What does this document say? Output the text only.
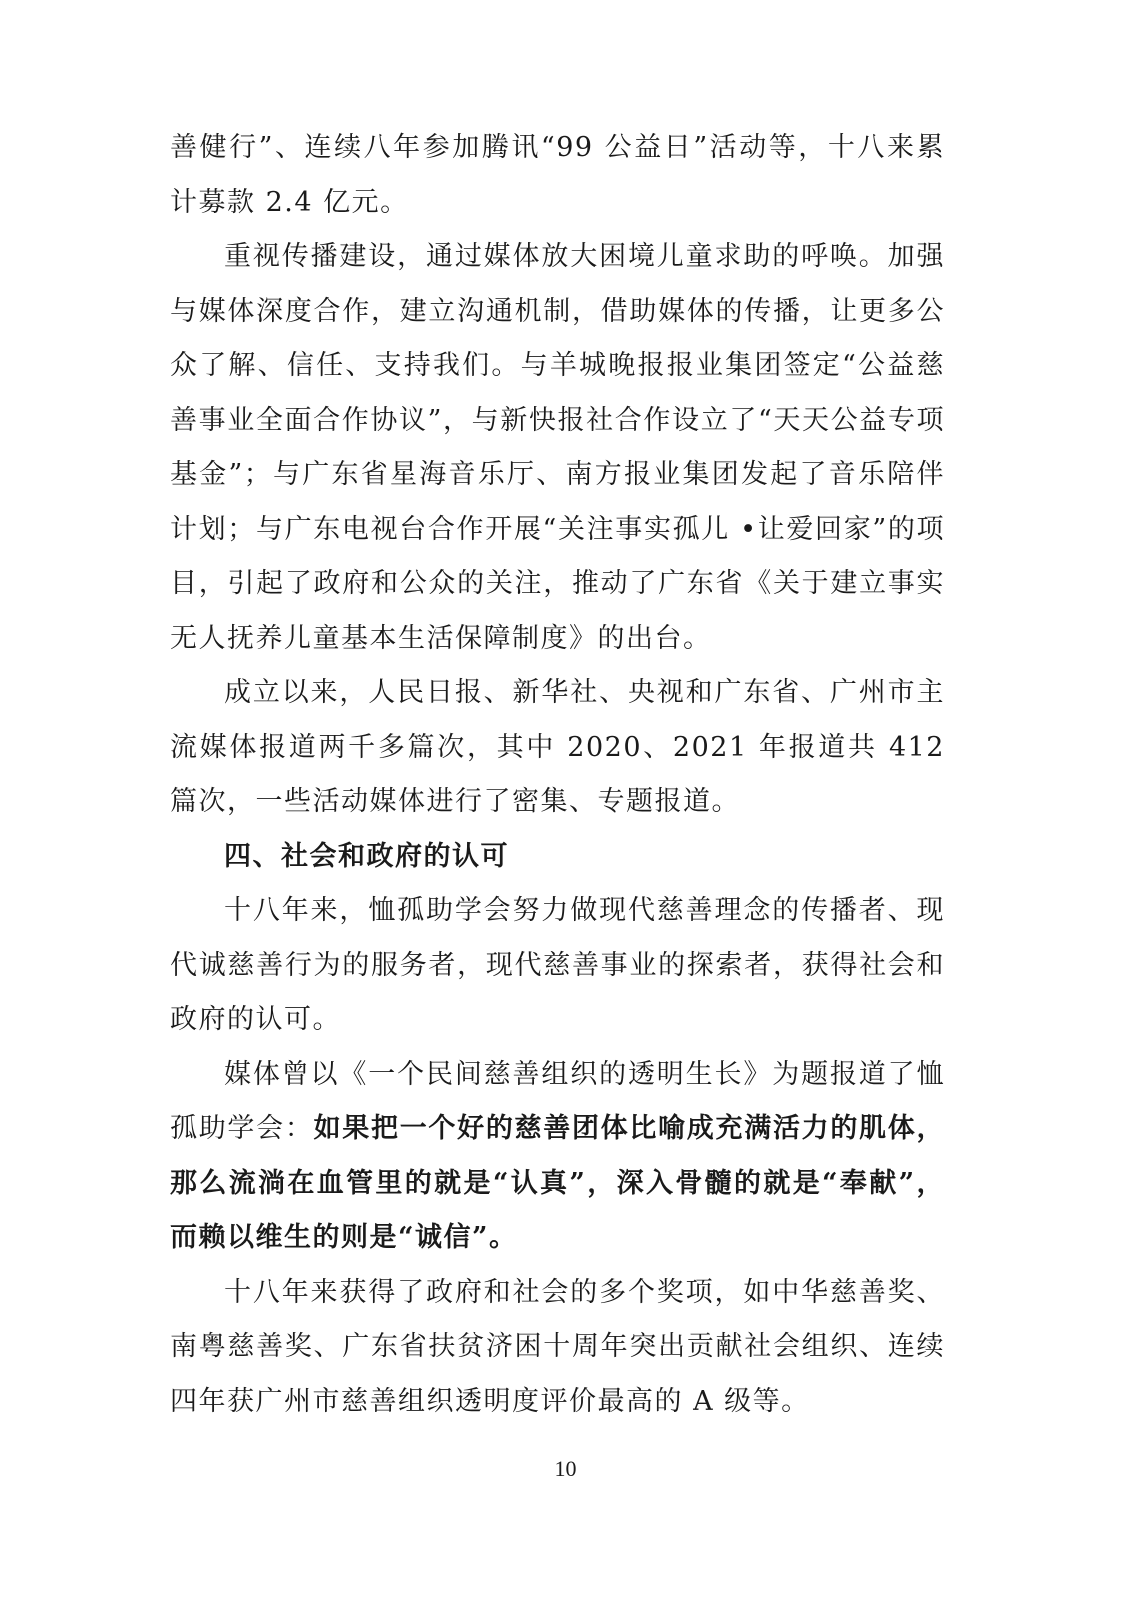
善健行”、连续八年参加腾讯“99 公益日”活动等，十八来累计募款 2.4 亿元。

重视传播建设，通过媒体放大困境儿童求助的呼唤。加强与媒体深度合作，建立沟通机制，借助媒体的传播，让更多公众了解、信任、支持我们。与羊城晚报报业集团签定“公益慈善事业全面合作协议”，与新快报社合作设立了“天天公益专项基金”；与广东省星海音乐厅、南方报业集团发起了音乐陪伴计划；与广东电视台合作开展“关注事实孤儿 •让爱回家”的项目，引起了政府和公众的关注，推动了广东省《关于建立事实无人抚养儿童基本生活保障制度》的出台。

成立以来，人民日报、新华社、央视和广东省、广州市主流媒体报道两千多篇次，其中 2020、2021 年报道共 412 篇次，一些活动媒体进行了密集、专题报道。

四、社会和政府的认可

十八年来，恤孤助学会努力做现代慈善理念的传播者、现代诚慈善行为的服务者，现代慈善事业的探索者，获得社会和政府的认可。

媒体曾以《一个民间慈善组织的透明生长》为题报道了恤孤助学会：如果把一个好的慈善团体比喻成充满活力的肌体，那么流淌在血管里的就是“认真”，深入骨髓的就是“奉献”，而赖以维生的则是“诚信”。

十八年来获得了政府和社会的多个奖项，如中华慈善奖、南粤慈善奖、广东省扶贫济困十周年突出贡献社会组织、连续四年获广州市慈善组织透明度评价最高的 A 级等。

10
